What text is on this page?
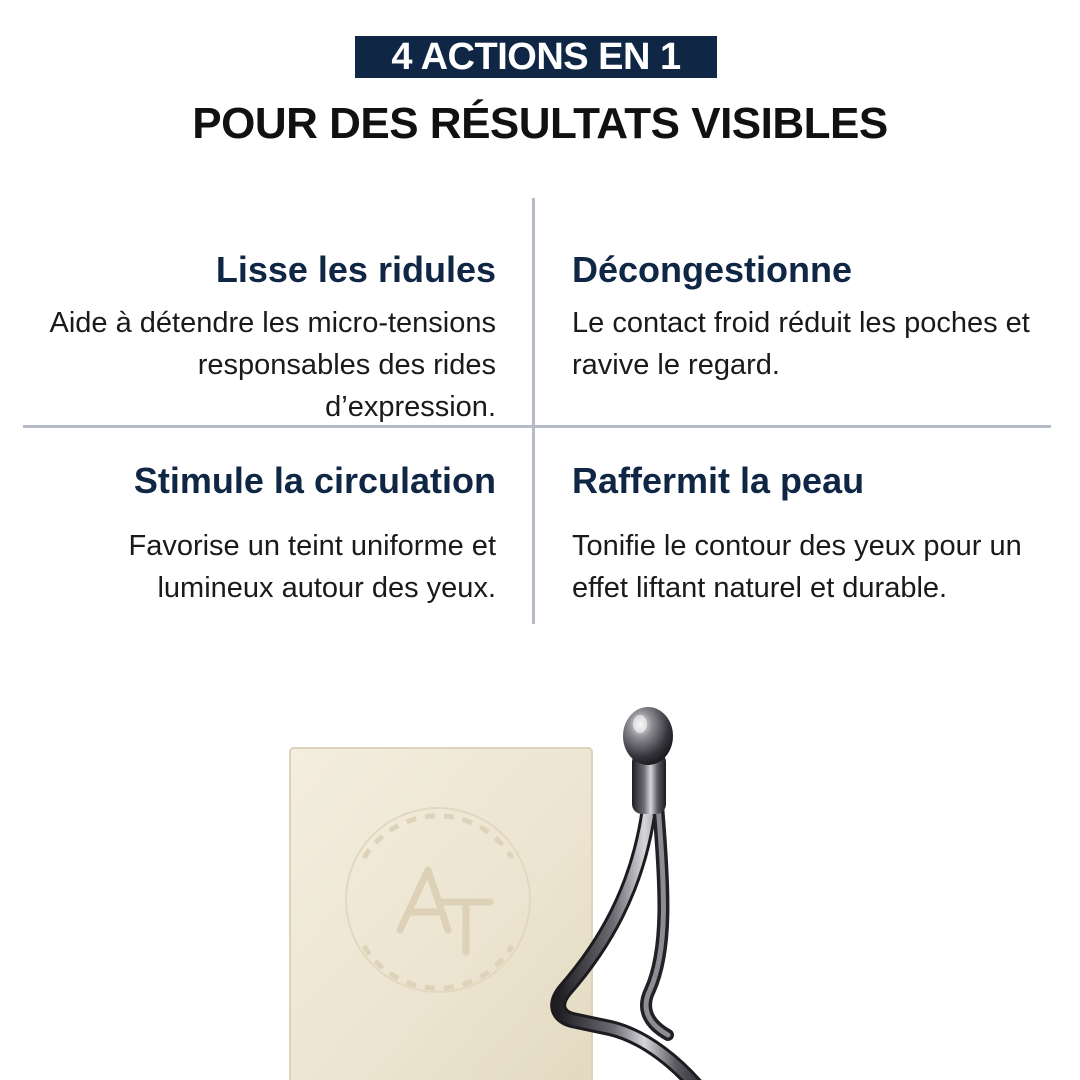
4 ACTIONS EN 1
POUR DES RÉSULTATS VISIBLES

Lisse les ridules

Aide à détendre les micro-tensions responsables des rides d’expression.

Décongestionne

Le contact froid réduit les poches et ravive le regard.

Stimule la circulation

Favorise un teint uniforme et lumineux autour des yeux.

Raffermit la peau

Tonifie le contour des yeux pour un effet liftant naturel et durable.
